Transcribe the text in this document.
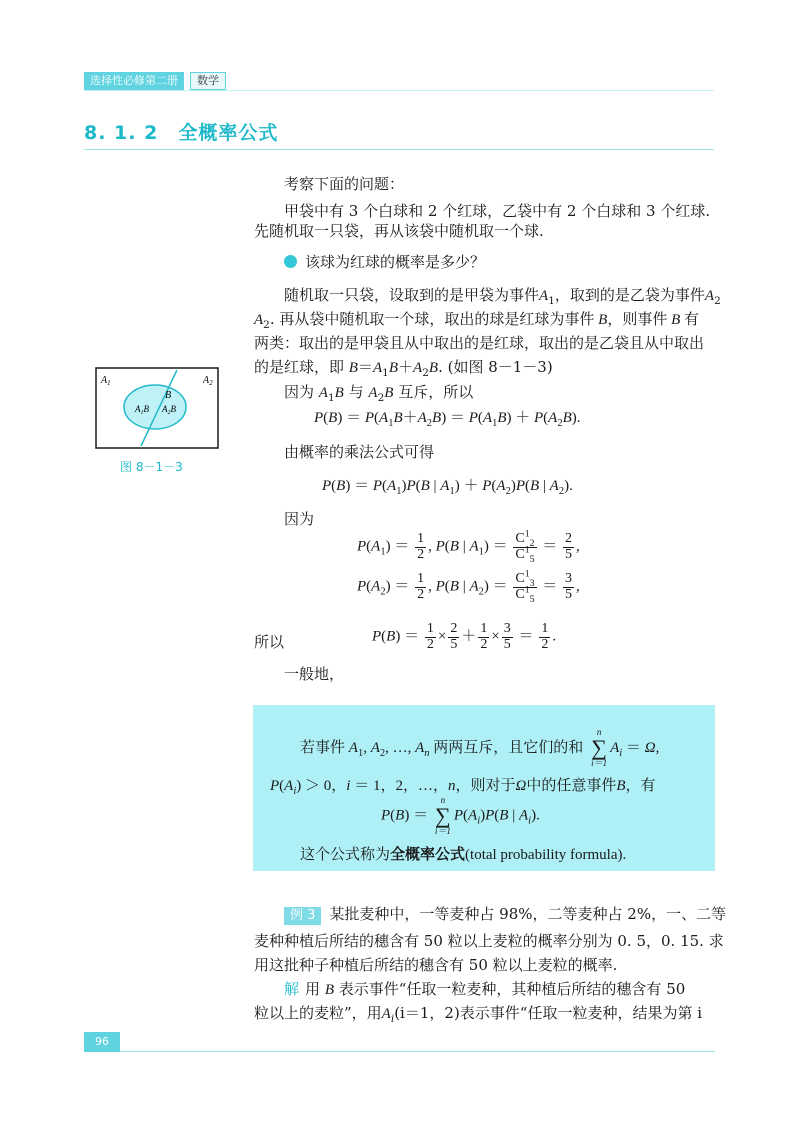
选择性必修第二册	数学
8. 1. 2　全概率公式
考察下面的问题：
甲袋中有 3 个白球和 2 个红球，乙袋中有 2 个白球和 3 个红球.
先随机取一只袋，再从该袋中随机取一个球.
该球为红球的概率是多少？
随机取一只袋，设取到的是甲袋为事件$A_1$，取到的是乙袋为事件$A_2$
$A_2$. 再从袋中随机取一个球，取出的球是红球为事件 B，则事件 B 有
两类：取出的是甲袋且从中取出的是红球，取出的是乙袋且从中取出
的是红球，即 $B=A_1B+A_2B$. (如图 8－1－3)
因为 $A_1B$ 与 $A_2B$ 互斥，所以
$A_1$	$A_2$
B
$A_1B$ $A_2B$
图 8－1－3
$P(B) = P(A_1B+A_2B) = P(A_1B) + P(A_2B)$.
由概率的乘法公式可得
$P(B) = P(A_1)P(B$ | $A_1) + P(A_2)P(B$ | $A_2$).
因为
$P(A_1) = \frac{1}{2}$ , P(B | $A_1) = \frac{C^1_2}{C^1_5} = \frac{2}{5}$ ,
$P(A_2) = \frac{1}{2}$ , P(B | $A_2) = \frac{C^1_3}{C^1_5} = \frac{3}{5}$ ,
所以	$P(B) = \frac{1}{2} \times \frac{2}{5} + \frac{1}{2} \times \frac{3}{5} = \frac{1}{2}$ .
一般地，
若事件 $A_1$, $A_2$, …, $A_n$ 两两互斥，且它们的和
n
∑
i＝1
$A_i = \Omega$,
$P(A_i) > 0$，i ＝ 1，2，…，n，则对于Ω中的任意事件B，有
P(B) ＝
n
∑
i＝1
$P(A_i)P(B$ | $A_i$).
这个公式称为全概率公式(total probability formula).
例 3 某批麦种中，一等麦种占 98%，二等麦种占 2%，一、二等
麦种种植后所结的穗含有 50 粒以上麦粒的概率分别为 0. 5，0. 15. 求
用这批种子种植后所结的穗含有 50 粒以上麦粒的概率.
解 用 B 表示事件“任取一粒麦种，其种植后所结的穗含有 50
粒以上的麦粒”，用$A_i(i=1$，2)表示事件“任取一粒麦种，结果为第 i
96
